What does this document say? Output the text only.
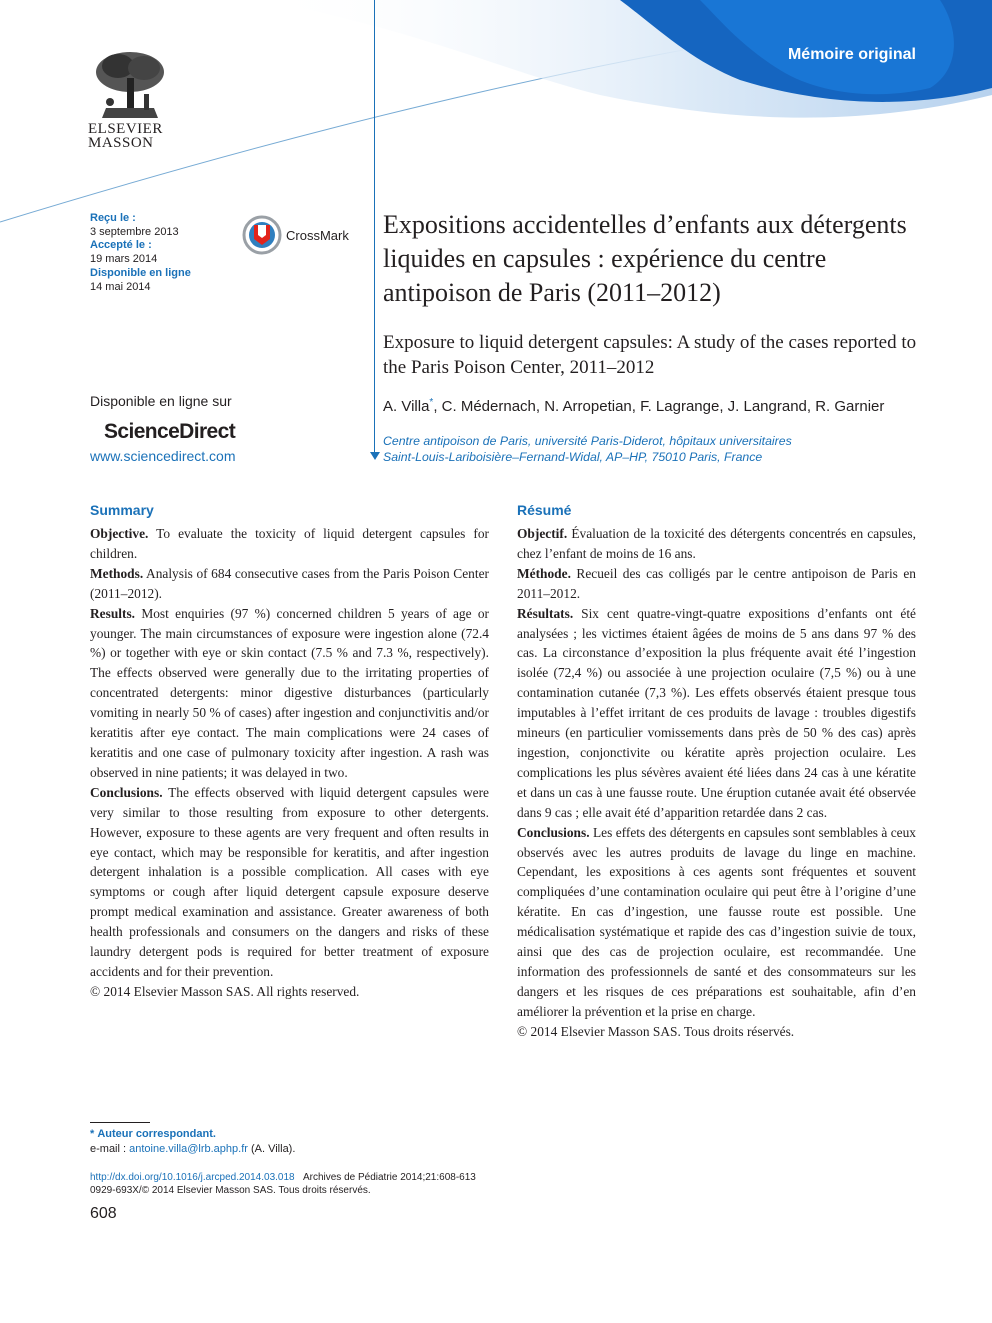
Mémoire original
ELSEVIER
MASSON
Reçu le :
3 septembre 2013
Accepté le :
19 mars 2014
Disponible en ligne
14 mai 2014
CrossMark
Disponible en ligne sur
ScienceDirect
www.sciencedirect.com
Expositions accidentelles d’enfants aux détergents liquides en capsules : expérience du centre antipoison de Paris (2011–2012)
Exposure to liquid detergent capsules: A study of the cases reported to the Paris Poison Center, 2011–2012
A. Villa*, C. Médernach, N. Arropetian, F. Lagrange, J. Langrand, R. Garnier
Centre antipoison de Paris, université Paris-Diderot, hôpitaux universitaires
Saint-Louis-Lariboisière–Fernand-Widal, AP–HP, 75010 Paris, France
Summary

Objective. To evaluate the toxicity of liquid detergent capsules for children.

Methods. Analysis of 684 consecutive cases from the Paris Poison Center (2011–2012).

Results. Most enquiries (97 %) concerned children 5 years of age or younger. The main circumstances of exposure were ingestion alone (72.4 %) or together with eye or skin contact (7.5 % and 7.3 %, respectively). The effects observed were generally due to the irritating properties of concentrated detergents: minor digestive disturbances (particularly vomiting in nearly 50 % of cases) after ingestion and conjunctivitis and/or keratitis after eye contact. The main complications were 24 cases of keratitis and one case of pulmonary toxicity after ingestion. A rash was observed in nine patients; it was delayed in two.

Conclusions. The effects observed with liquid detergent capsules were very similar to those resulting from exposure to other detergents. However, exposure to these agents are very frequent and often results in eye contact, which may be responsible for keratitis, and after ingestion detergent inhalation is a possible complication. All cases with eye symptoms or cough after liquid detergent capsule exposure deserve prompt medical examination and assistance. Greater awareness of both health professionals and consumers on the dangers and risks of these laundry detergent pods is required for better treatment of exposure accidents and for their prevention.

© 2014 Elsevier Masson SAS. All rights reserved.

Résumé

Objectif. Évaluation de la toxicité des détergents concentrés en capsules, chez l’enfant de moins de 16 ans.

Méthode. Recueil des cas colligés par le centre antipoison de Paris en 2011–2012.

Résultats. Six cent quatre-vingt-quatre expositions d’enfants ont été analysées ; les victimes étaient âgées de moins de 5 ans dans 97 % des cas. La circonstance d’exposition la plus fréquente avait été l’ingestion isolée (72,4 %) ou associée à une projection oculaire (7,5 %) ou à une contamination cutanée (7,3 %). Les effets observés étaient presque tous imputables à l’effet irritant de ces produits de lavage : troubles digestifs mineurs (en particulier vomissements dans près de 50 % des cas) après ingestion, conjonctivite ou kératite après projection oculaire. Les complications les plus sévères avaient été liées dans 24 cas à une kératite et dans un cas à une fausse route. Une éruption cutanée avait été observée dans 9 cas ; elle avait été d’apparition retardée dans 2 cas.

Conclusions. Les effets des détergents en capsules sont semblables à ceux observés avec les autres produits de lavage du linge en machine. Cependant, les expositions à ces agents sont fréquentes et souvent compliquées d’une contamination oculaire qui peut être à l’origine d’une kératite. En cas d’ingestion, une fausse route est possible. Une médicalisation systématique et rapide des cas d’ingestion suivie de toux, ainsi que des cas de projection oculaire, est recommandée. Une information des professionnels de santé et des consommateurs sur les dangers et les risques de ces préparations est souhaitable, afin d’en améliorer la prévention et la prise en charge.

© 2014 Elsevier Masson SAS. Tous droits réservés.

* Auteur correspondant.
e-mail : antoine.villa@lrb.aphp.fr (A. Villa).
http://dx.doi.org/10.1016/j.arcped.2014.03.018 Archives de Pédiatrie 2014;21:608-613
0929-693X/© 2014 Elsevier Masson SAS. Tous droits réservés.
608
